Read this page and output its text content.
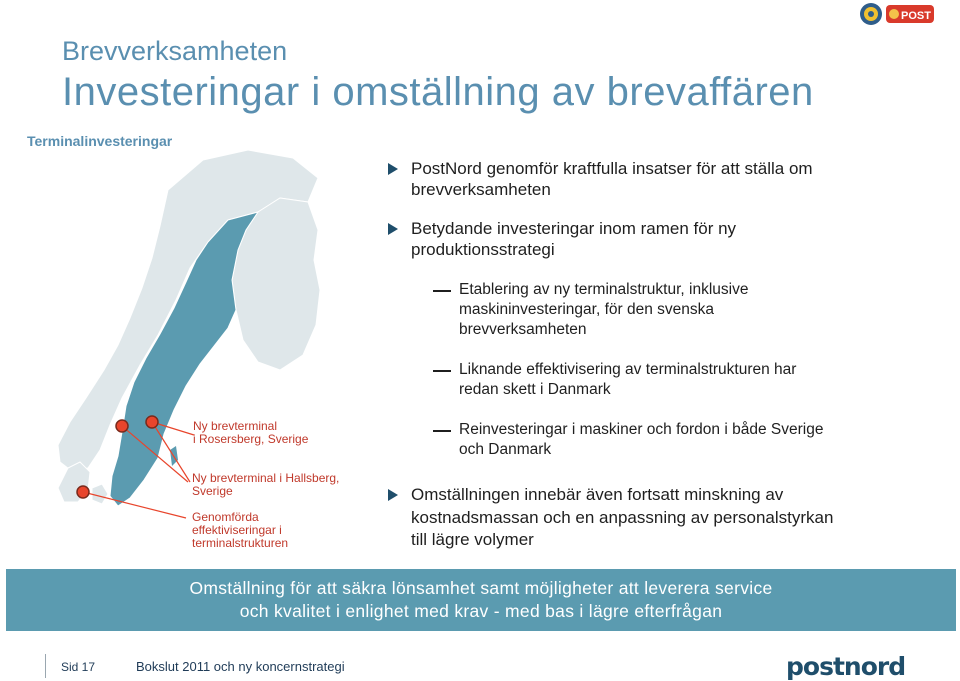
Brevverksamheten
Investeringar i omställning av brevaffären
Terminalinvesteringar
POST
Ny brevterminal
i Rosersberg, Sverige
Ny brevterminal i Hallsberg,
Sverige
Genomförda
effektiviseringar i
terminalstrukturen
PostNord genomför kraftfulla insatser för att ställa om
brevverksamheten
Betydande investeringar inom ramen för ny
produktionsstrategi
Etablering av ny terminalstruktur, inklusive
maskininvesteringar, för den svenska
brevverksamheten
Liknande effektivisering av terminalstrukturen har
redan skett i Danmark
Reinvesteringar i maskiner och fordon i både Sverige
och Danmark
Omställningen innebär även fortsatt minskning av
kostnadsmassan och en anpassning av personalstyrkan
till lägre volymer
Omställning för att säkra lönsamhet samt möjligheter att leverera service
och kvalitet i enlighet med krav - med bas i lägre efterfrågan
Sid 17	Bokslut 2011 och ny koncernstrategi	postnord
